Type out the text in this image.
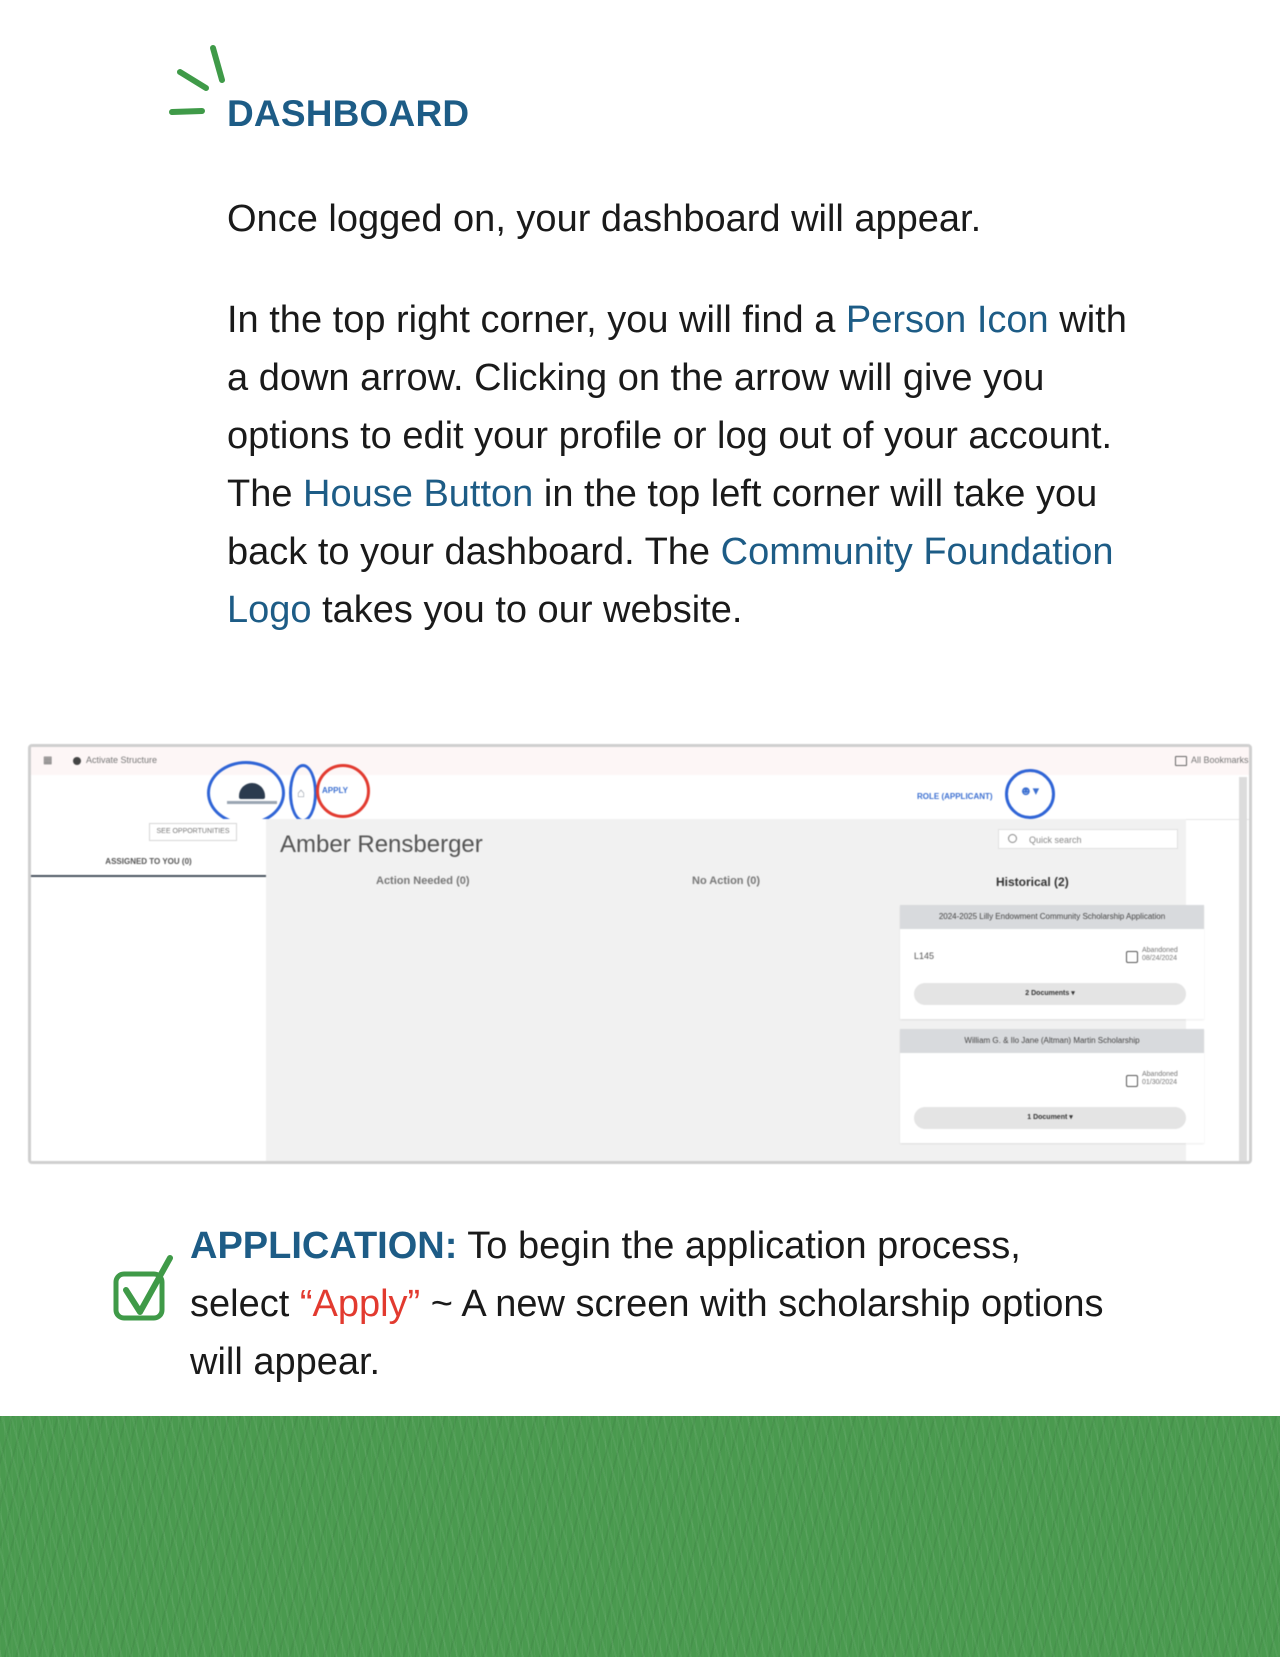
DASHBOARD

Once logged on, your dashboard will appear.

In the top right corner, you will find a Person Icon with a down arrow. Clicking on the arrow will give you options to edit your profile or log out of your account. The House Button in the top left corner will take you back to your dashboard. The Community Foundation Logo takes you to our website.

▦	Activate Structure	All Bookmarks
⌂ APPLY
ROLE (APPLICANT) ☻▾
SEE OPPORTUNITIES
ASSIGNED TO YOU (0)
Amber Rensberger	Quick search
Action Needed (0)	No Action (0)	Historical (2)
2024-2025 Lilly Endowment Community Scholarship Application
L145
Abandoned
08/24/2024
2 Documents ▾
William G. & Ilo Jane (Altman) Martin Scholarship
Abandoned
01/30/2024
1 Document ▾

APPLICATION: To begin the application process, select “Apply” ~ A new screen with scholarship options will appear.
